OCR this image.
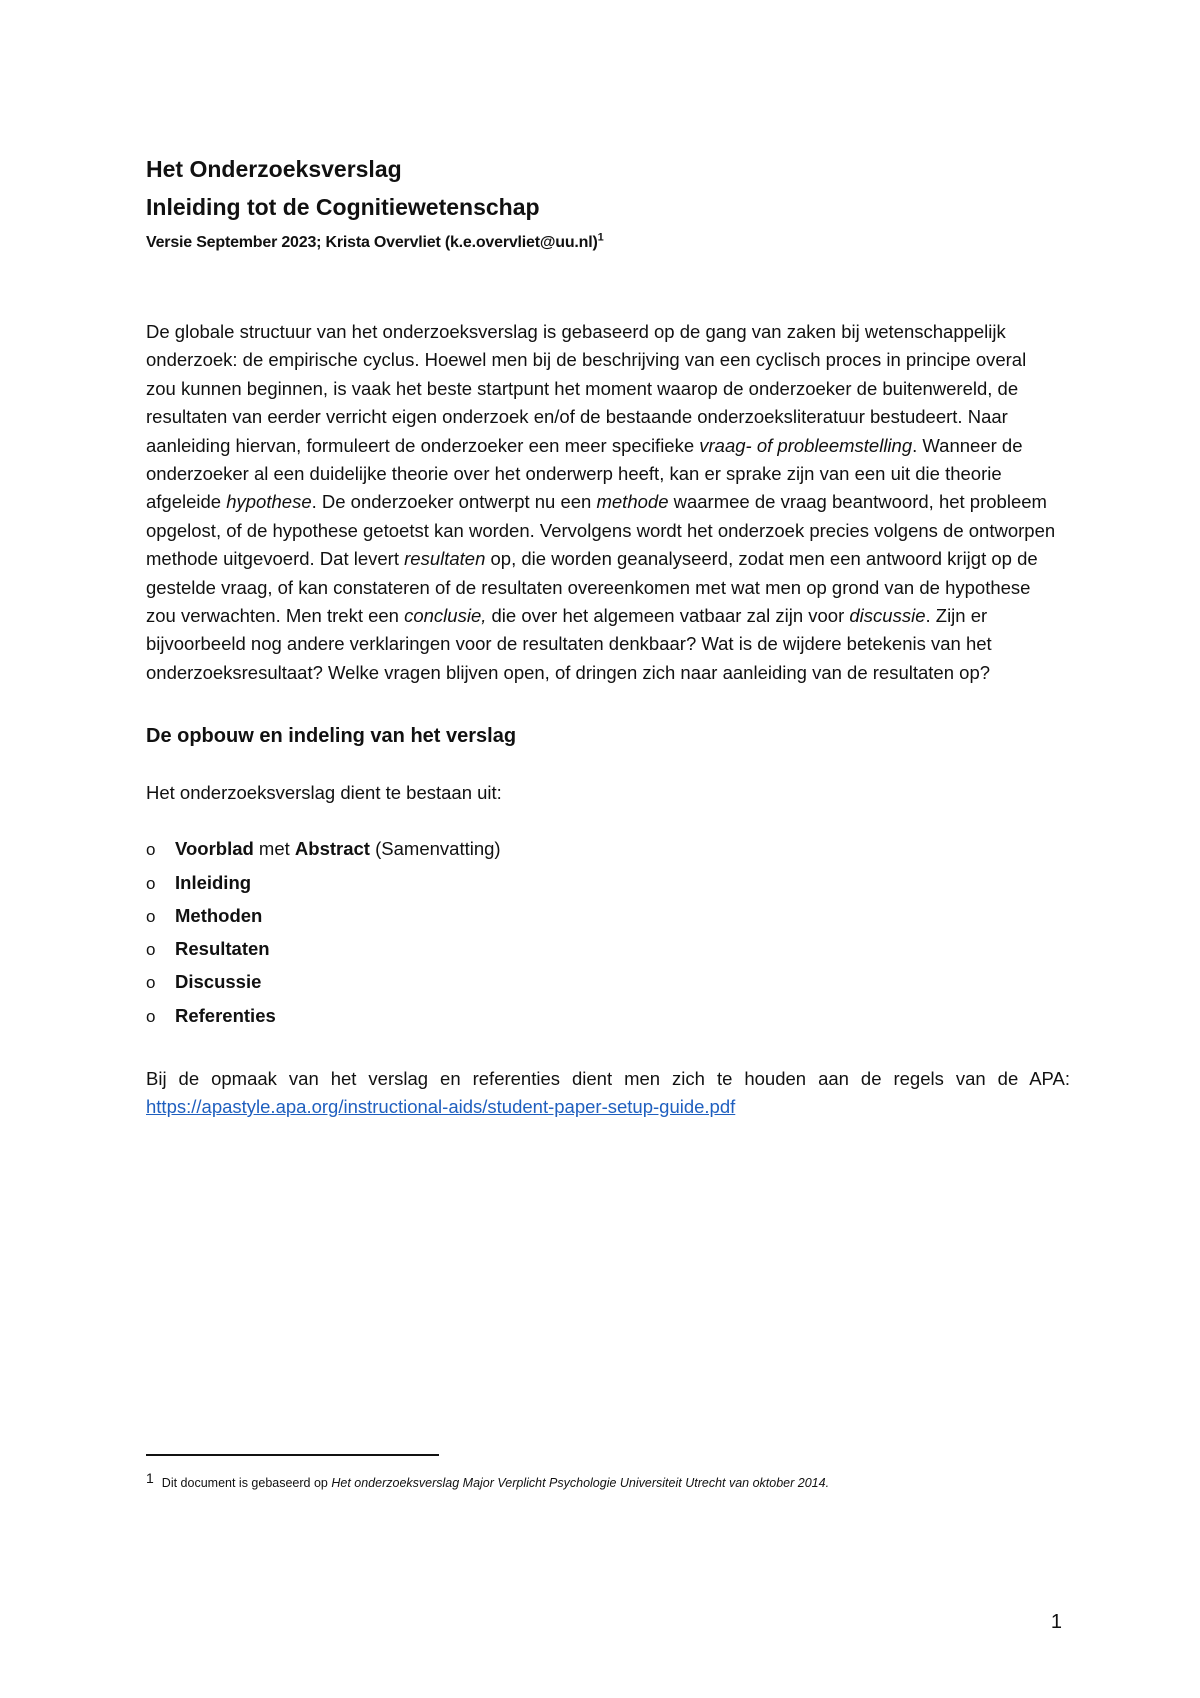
Het Onderzoeksverslag
Inleiding tot de Cognitiewetenschap

Versie September 2023; Krista Overvliet (k.e.overvliet@uu.nl)$^1$

De globale structuur van het onderzoeksverslag is gebaseerd op de gang van zaken bij wetenschappelijk onderzoek: de empirische cyclus. Hoewel men bij de beschrijving van een cyclisch proces in principe overal zou kunnen beginnen, is vaak het beste startpunt het moment waarop de onderzoeker de buitenwereld, de resultaten van eerder verricht eigen onderzoek en/of de bestaande onderzoeksliteratuur bestudeert. Naar aanleiding hiervan, formuleert de onderzoeker een meer specifieke vraag- of probleemstelling. Wanneer de onderzoeker al een duidelijke theorie over het onderwerp heeft, kan er sprake zijn van een uit die theorie afgeleide hypothese. De onderzoeker ontwerpt nu een methode waarmee de vraag beantwoord, het probleem opgelost, of de hypothese getoetst kan worden. Vervolgens wordt het onderzoek precies volgens de ontworpen methode uitgevoerd. Dat levert resultaten op, die worden geanalyseerd, zodat men een antwoord krijgt op de gestelde vraag, of kan constateren of de resultaten overeenkomen met wat men op grond van de hypothese zou verwachten. Men trekt een conclusie, die over het algemeen vatbaar zal zijn voor discussie. Zijn er bijvoorbeeld nog andere verklaringen voor de resultaten denkbaar? Wat is de wijdere betekenis van het onderzoeksresultaat? Welke vragen blijven open, of dringen zich naar aanleiding van de resultaten op?

De opbouw en indeling van het verslag

Het onderzoeksverslag dient te bestaan uit:

o	Voorblad met Abstract (Samenvatting)
o	Inleiding
o	Methoden
o	Resultaten
o	Discussie
o	Referenties

Bij de opmaak van het verslag en referenties dient men zich te houden aan de regels van de APA:

https://apastyle.apa.org/instructional-aids/student-paper-setup-guide.pdf

$^1$ Dit document is gebaseerd op Het onderzoeksverslag Major Verplicht Psychologie Universiteit Utrecht van oktober 2014.
1
